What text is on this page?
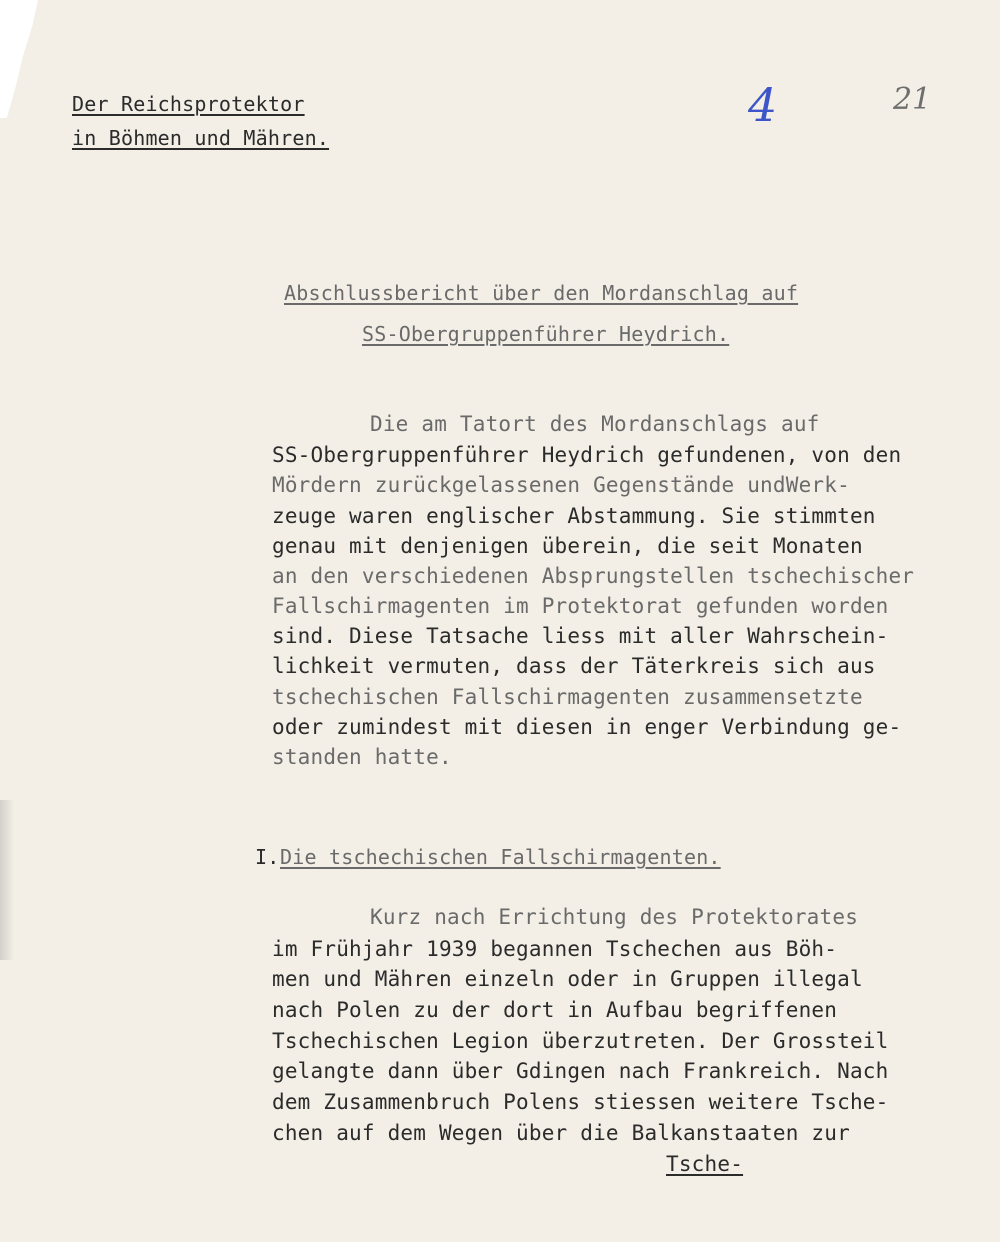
4	21
Der Reichsprotektor
in Böhmen und Mähren.
Abschlussbericht über den Mordanschlag auf
SS-Obergruppenführer Heydrich.
Die am Tatort des Mordanschlags auf
SS-Obergruppenführer Heydrich gefundenen, von den
Mördern zurückgelassenen Gegenstände undWerk-
zeuge waren englischer Abstammung. Sie stimmten
genau mit denjenigen überein, die seit Monaten
an den verschiedenen Absprungstellen tschechischer
Fallschirmagenten im Protektorat gefunden worden
sind. Diese Tatsache liess mit aller Wahrschein-
lichkeit vermuten, dass der Täterkreis sich aus
tschechischen Fallschirmagenten zusammensetzte
oder zumindest mit diesen in enger Verbindung ge-
standen hatte.
I. Die tschechischen Fallschirmagenten.
Kurz nach Errichtung des Protektorates
im Frühjahr 1939 begannen Tschechen aus Böh-
men und Mähren einzeln oder in Gruppen illegal
nach Polen zu der dort in Aufbau begriffenen
Tschechischen Legion überzutreten. Der Grossteil
gelangte dann über Gdingen nach Frankreich. Nach
dem Zusammenbruch Polens stiessen weitere Tsche-
chen auf dem Wegen über die Balkanstaaten zur
Tsche-
